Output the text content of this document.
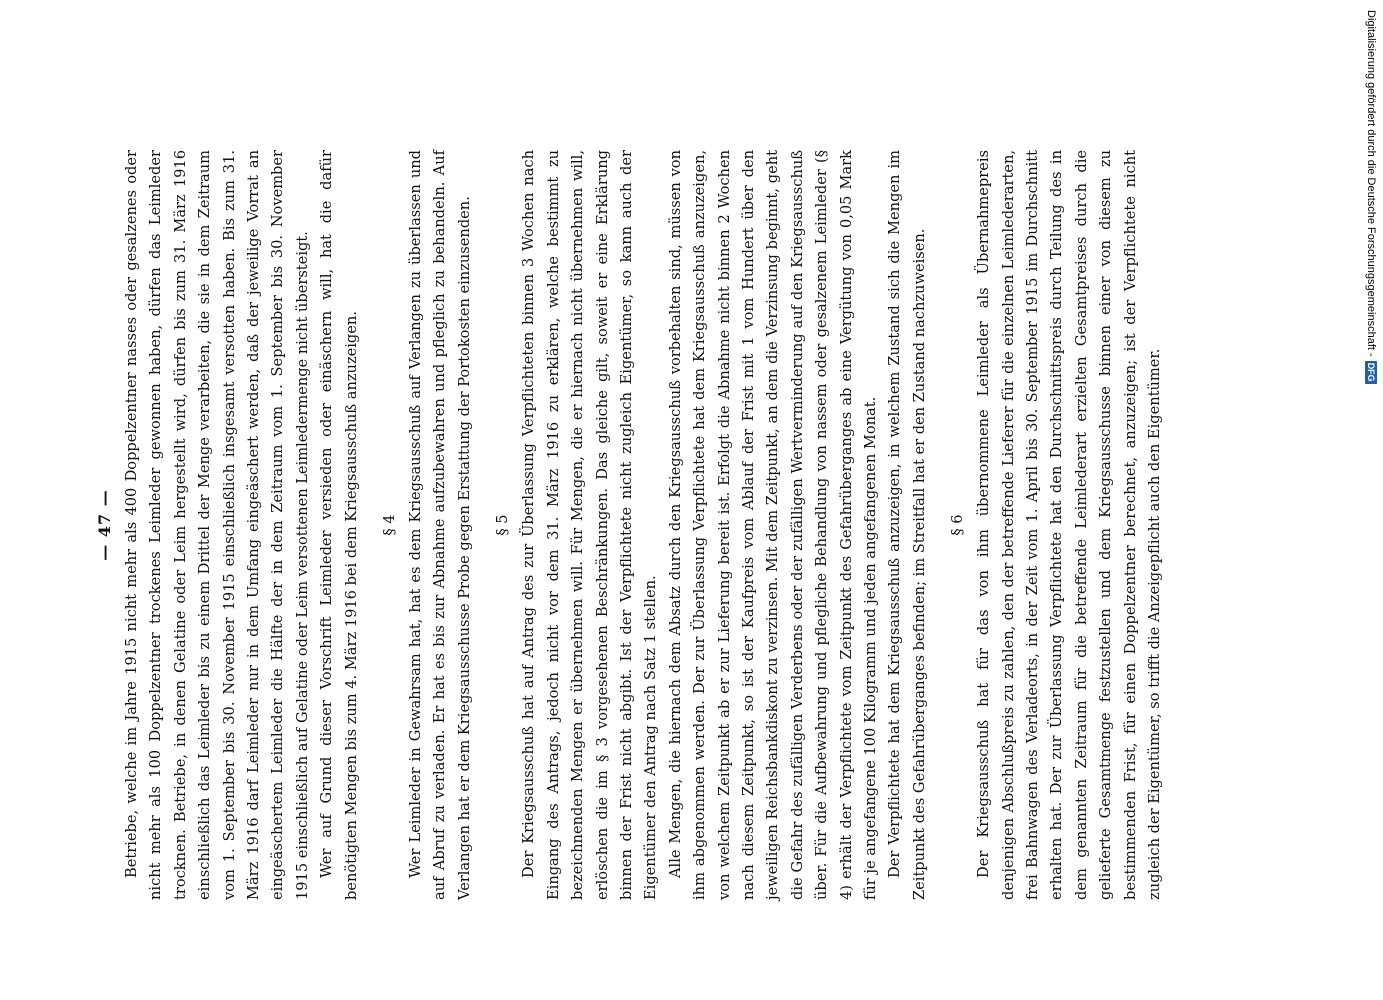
— 47 — Betriebe, welche im Jahre 1915 nicht mehr als 400 Doppelzentner nasses oder gesalzenes oder nicht mehr als 100 Doppelzentner trockenes Leimleder gewonnen haben, dürfen das Leimleder trocknen. Betriebe, in denen Gelatine oder Leim hergestellt wird, dürfen bis zum 31. März 1916 einschließlich das Leimleder bis zu einem Drittel der Menge verarbeiten, die sie in dem Zeitraum vom 1. September bis 30. November 1915 einschließlich insgesamt versotten haben. Bis zum 31. März 1916 darf Leimleder nur in dem Umfang eingeäschert werden, daß der jeweilige Vorrat an eingeäschertem Leimleder die Hälfte der in dem Zeitraum vom 1. September bis 30. November 1915 einschließlich auf Gelatine oder Leim versottenen Leimledermenge nicht übersteigt. Wer auf Grund dieser Vorschrift Leimleder versieden oder einäschern will, hat die dafür benötigten Mengen bis zum 4. März 1916 bei dem Kriegsausschuß anzuzeigen.	§ 4 Wer Leimleder in Gewahrsam hat, hat es dem Kriegsausschuß auf Verlangen zu überlassen und auf Abruf zu verladen. Er hat es bis zur Abnahme aufzubewahren und pfleglich zu behandeln. Auf Verlangen hat er dem Kriegsausschusse Probe gegen Erstattung der Portokosten einzusenden.	§ 5 Der Kriegsausschuß hat auf Antrag des zur Überlassung Verpflichteten binnen 3 Wochen nach Eingang des Antrags, jedoch nicht vor dem 31. März 1916 zu erklären, welche bestimmt zu bezeichnenden Mengen er übernehmen will. Für Mengen, die er hiernach nicht übernehmen will, erlöschen die im § 3 vorgesehenen Beschränkungen. Das gleiche gilt, soweit er eine Erklärung binnen der Frist nicht abgibt. Ist der Verpflichtete nicht zugleich Eigentümer, so kann auch der Eigentümer den Antrag nach Satz 1 stellen. Alle Mengen, die hiernach dem Absatz durch den Kriegsausschuß vorbehalten sind, müssen von ihm abgenommen werden. Der zur Überlassung Verpflichtete hat dem Kriegsausschuß anzuzeigen, von welchem Zeitpunkt ab er zur Lieferung bereit ist. Erfolgt die Abnahme nicht binnen 2 Wochen nach diesem Zeitpunkt, so ist der Kaufpreis vom Ablauf der Frist mit 1 vom Hundert über den jeweiligen Reichsbankdiskont zu verzinsen. Mit dem Zeitpunkt, an dem die Verzinsung beginnt, geht die Gefahr des zufälligen Verderbens oder der zufälligen Wertverminderung auf den Kriegsausschuß über. Für die Aufbewahrung und pflegliche Behandlung von nassem oder gesalzenem Leimleder (§ 4) erhält der Verpflichtete vom Zeitpunkt des Gefahrüberganges ab eine Vergütung von 0,05 Mark für je angefangene 100 Kilogramm und jeden angefangenen Monat. Der Verpflichtete hat dem Kriegsausschuß anzuzeigen, in welchem Zustand sich die Mengen im Zeitpunkt des Gefahrüberganges befinden; im Streitfall hat er den Zustand nachzuweisen.	§ 6 Der Kriegsausschuß hat für das von ihm übernommene Leimleder als Übernahmepreis denjenigen Abschlußpreis zu zahlen, den der betreffende Lieferer für die einzelnen Leimlederarten, frei Bahnwagen des Verladeorts, in der Zeit vom 1. April bis 30. September 1915 im Durchschnitt erhalten hat. Der zur Überlassung Verpflichtete hat den Durchschnittspreis durch Teilung des in dem genannten Zeitraum für die betreffende Leimlederart erzielten Gesamtpreises durch die gelieferte Gesamtmenge festzustellen und dem Kriegsausschusse binnen einer von diesem zu bestimmenden Frist, für einen Doppelzentner berechnet, anzuzeigen; ist der Verpflichtete nicht zugleich der Eigentümer, so trifft die Anzeigepflicht auch den Eigentümer.

Digitalisierung gefördert durch die Deutsche Forschungsgemeinschaft -
DFG
